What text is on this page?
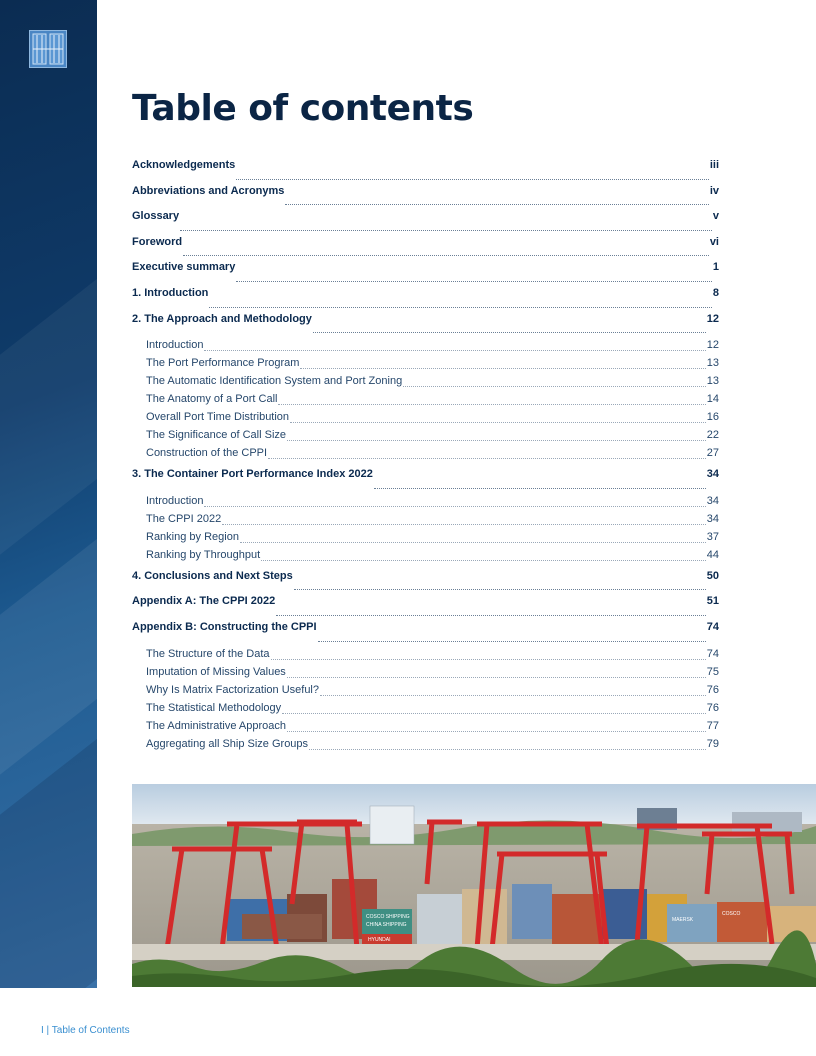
Table of contents
Acknowledgements	iii
Abbreviations and Acronyms	iv
Glossary	v
Foreword	vi
Executive summary	1
1. Introduction	8
2. The Approach and Methodology	12
Introduction	12
The Port Performance Program	13
The Automatic Identification System and Port Zoning	13
The Anatomy of a Port Call	14
Overall Port Time Distribution	16
The Significance of Call Size	22
Construction of the CPPI	27
3. The Container Port Performance Index 2022	34
Introduction	34
The CPPI 2022	34
Ranking by Region	37
Ranking by Throughput	44
4. Conclusions and Next Steps	50
Appendix A: The CPPI 2022	51
Appendix B: Constructing the CPPI	74
The Structure of the Data	74
Imputation of Missing Values	75
Why Is Matrix Factorization Useful?	76
The Statistical Methodology	76
The Administrative Approach	77
Aggregating all Ship Size Groups	79
COSCO SHIPPING
CHINA SHIPPING
HYUNDAI
MAERSK
COSCO
I | Table of Contents
